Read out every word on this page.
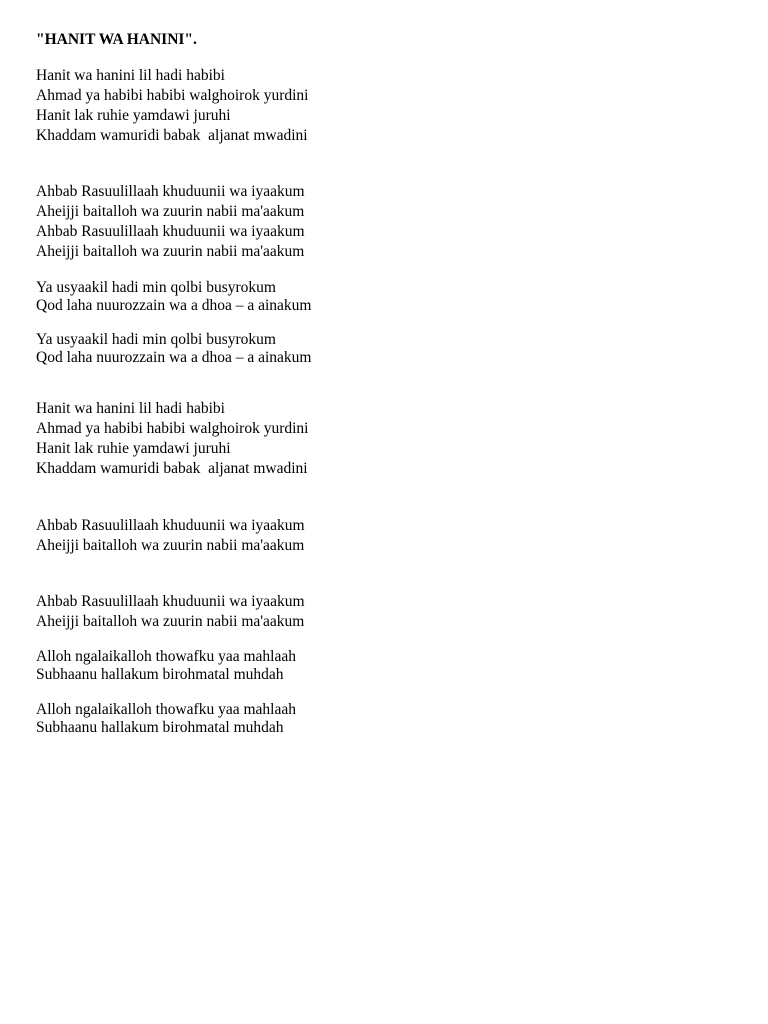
"HANIT WA HANINI".
Hanit wa hanini lil hadi habibi
Ahmad ya habibi habibi walghoirok yurdini
Hanit lak ruhie yamdawi juruhi
Khaddam wamuridi babak  aljanat mwadini
Ahbab Rasuulillaah khuduunii wa iyaakum
Aheijji baitalloh wa zuurin nabii ma'aakum
Ahbab Rasuulillaah khuduunii wa iyaakum
Aheijji baitalloh wa zuurin nabii ma'aakum
Ya usyaakil hadi min qolbi busyrokum
Qod laha nuurozzain wa a dhoa – a ainakum
Ya usyaakil hadi min qolbi busyrokum
Qod laha nuurozzain wa a dhoa – a ainakum
Hanit wa hanini lil hadi habibi
Ahmad ya habibi habibi walghoirok yurdini
Hanit lak ruhie yamdawi juruhi
Khaddam wamuridi babak  aljanat mwadini
Ahbab Rasuulillaah khuduunii wa iyaakum
Aheijji baitalloh wa zuurin nabii ma'aakum
Ahbab Rasuulillaah khuduunii wa iyaakum
Aheijji baitalloh wa zuurin nabii ma'aakum
Alloh ngalaikalloh thowafku yaa mahlaah
Subhaanu hallakum birohmatal muhdah
Alloh ngalaikalloh thowafku yaa mahlaah
Subhaanu hallakum birohmatal muhdah
